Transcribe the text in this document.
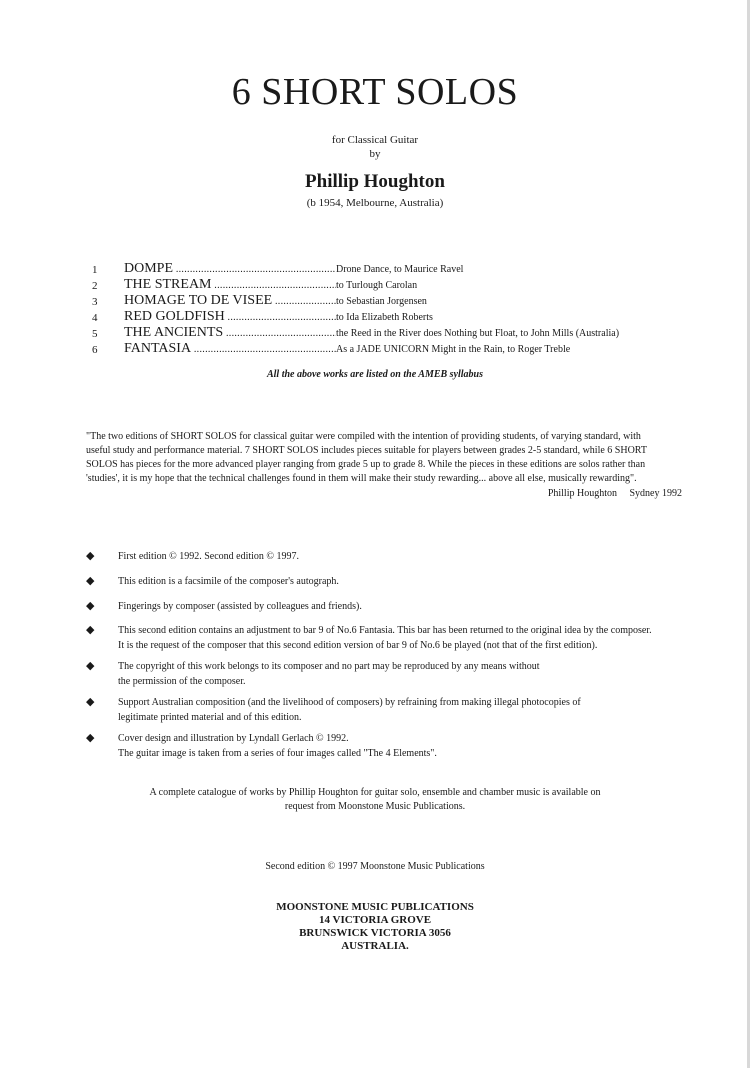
6 SHORT SOLOS
for Classical Guitar
by
Phillip Houghton
(b 1954, Melbourne, Australia)
1 DOMPE .....	Drone Dance, to Maurice Ravel
2 THE STREAM .....	to Turlough Carolan
3 HOMAGE TO DE VISEE .....	to Sebastian Jorgensen
4 RED GOLDFISH .....	to Ida Elizabeth Roberts
5 THE ANCIENTS .....	the Reed in the River does Nothing but Float, to John Mills (Australia)
6 FANTASIA .....	As a JADE UNICORN Might in the Rain, to Roger Treble
All the above works are listed on the AMEB syllabus
"The two editions of SHORT SOLOS for classical guitar were compiled with the intention of providing students, of varying standard, with
useful study and performance material. 7 SHORT SOLOS includes pieces suitable for players between grades 2-5 standard, while 6 SHORT
SOLOS has pieces for the more advanced player ranging from grade 5 up to grade 8. While the pieces in these editions are solos rather than
'studies', it is my hope that the technical challenges found in them will make their study rewarding... above all else, musically rewarding".
Phillip Houghton Sydney 1992
◆ First edition © 1992. Second edition © 1997.
◆ This edition is a facsimile of the composer's autograph.
◆ Fingerings by composer (assisted by colleagues and friends).
◆ This second edition contains an adjustment to bar 9 of No.6 Fantasia. This bar has been returned to the original idea by the composer.
It is the request of the composer that this second edition version of bar 9 of No.6 be played (not that of the first edition).
◆ The copyright of this work belongs to its composer and no part may be reproduced by any means without
the permission of the composer.
◆ Support Australian composition (and the livelihood of composers) by refraining from making illegal photocopies of
legitimate printed material and of this edition.
◆ Cover design and illustration by Lyndall Gerlach © 1992.
The guitar image is taken from a series of four images called "The 4 Elements".
A complete catalogue of works by Phillip Houghton for guitar solo, ensemble and chamber music is available on
request from Moonstone Music Publications.
Second edition © 1997 Moonstone Music Publications
MOONSTONE MUSIC PUBLICATIONS
14 VICTORIA GROVE
BRUNSWICK VICTORIA 3056
AUSTRALIA.
